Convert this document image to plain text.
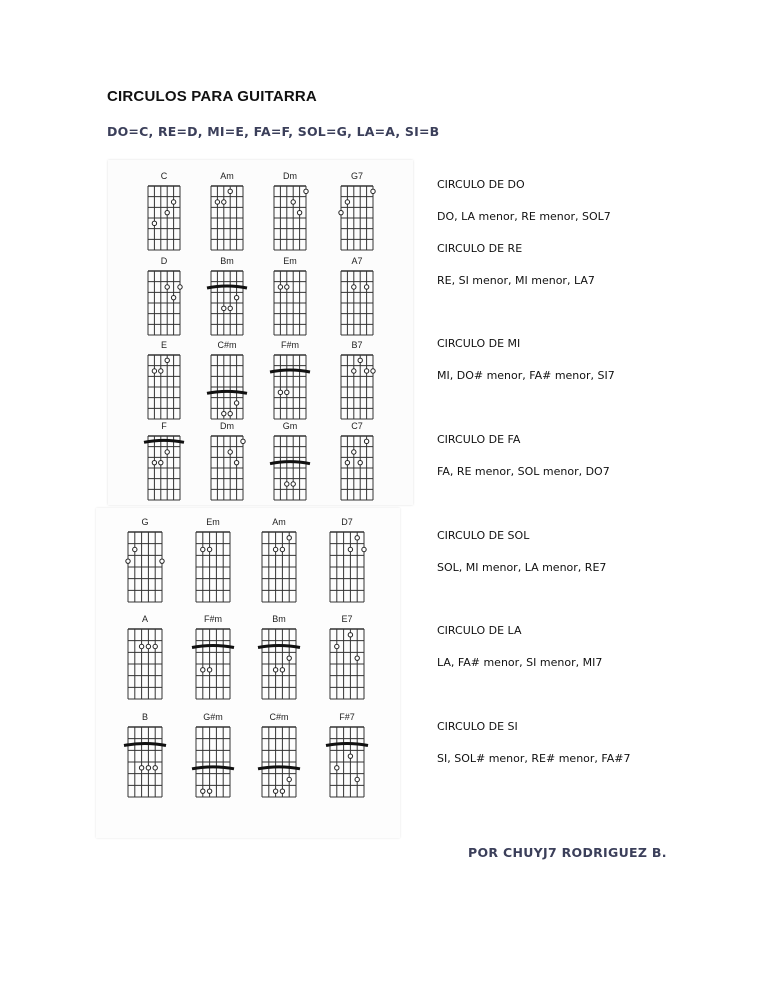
CIRCULOS PARA GUITARRA
DO=C, RE=D, MI=E, FA=F, SOL=G, LA=A, SI=B
C	Am	Dm	G7
D	Bm	Em	A7
E	C#m	F#m	B7
F	Dm	Gm	C7
G	Em	Am	D7
A	F#m	Bm	E7
B	G#m	C#m	F#7
CIRCULO DE DO
DO, LA menor, RE menor, SOL7
CIRCULO DE RE
RE, SI menor, MI menor, LA7
CIRCULO DE MI
MI, DO# menor, FA# menor, SI7
CIRCULO DE FA
FA, RE menor, SOL menor, DO7
CIRCULO DE SOL
SOL, MI menor, LA menor, RE7
CIRCULO DE LA
LA, FA# menor, SI menor, MI7
CIRCULO DE SI
SI, SOL# menor, RE# menor, FA#7
POR CHUYJ7 RODRIGUEZ B.
